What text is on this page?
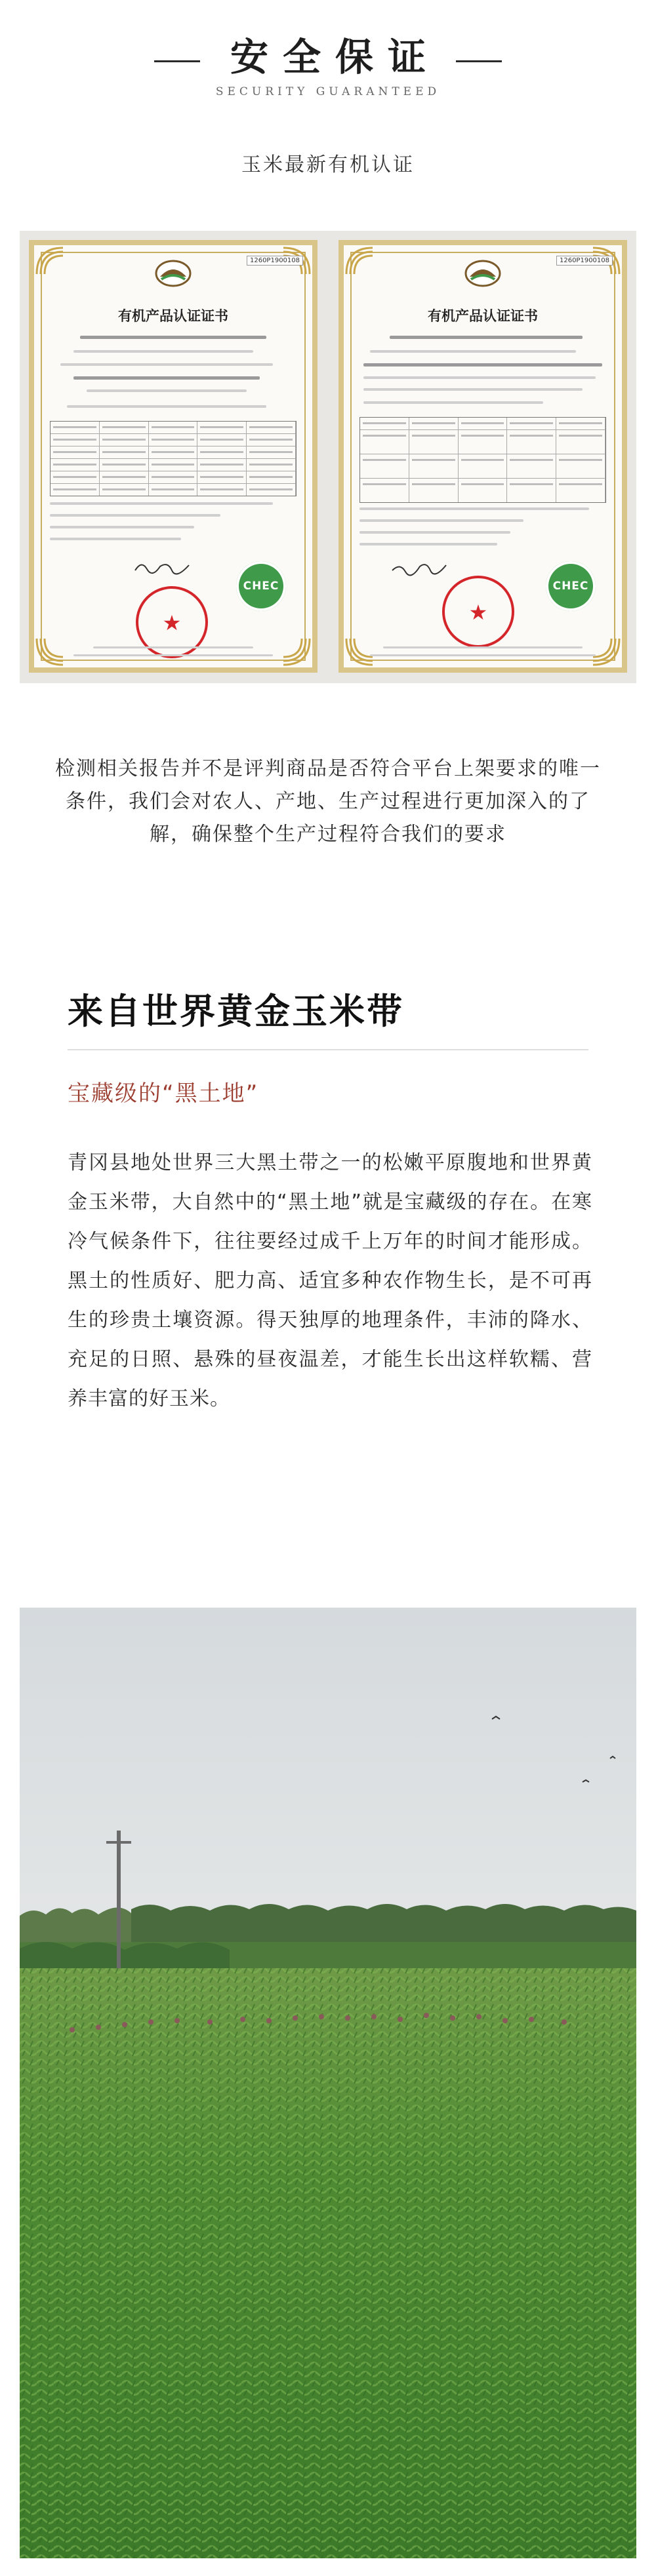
安全保证
SECURITY GUARANTEED
玉米最新有机认证
1260P1900108
有机产品认证证书
CHEC
★
1260P1900108
有机产品认证证书
CHEC
★
检测相关报告并不是评判商品是否符合平台上架要求的唯一条件，我们会对农人、产地、生产过程进行更加深入的了解，确保整个生产过程符合我们的要求
来自世界黄金玉米带
宝藏级的“黑土地”
青冈县地处世界三大黑土带之一的松嫩平原腹地和世界黄金玉米带，大自然中的“黑土地”就是宝藏级的存在。在寒冷气候条件下，往往要经过成千上万年的时间才能形成。黑土的性质好、肥力高、适宜多种农作物生长，是不可再生的珍贵土壤资源。得天独厚的地理条件，丰沛的降水、充足的日照、悬殊的昼夜温差，才能生长出这样软糯、营养丰富的好玉米。
